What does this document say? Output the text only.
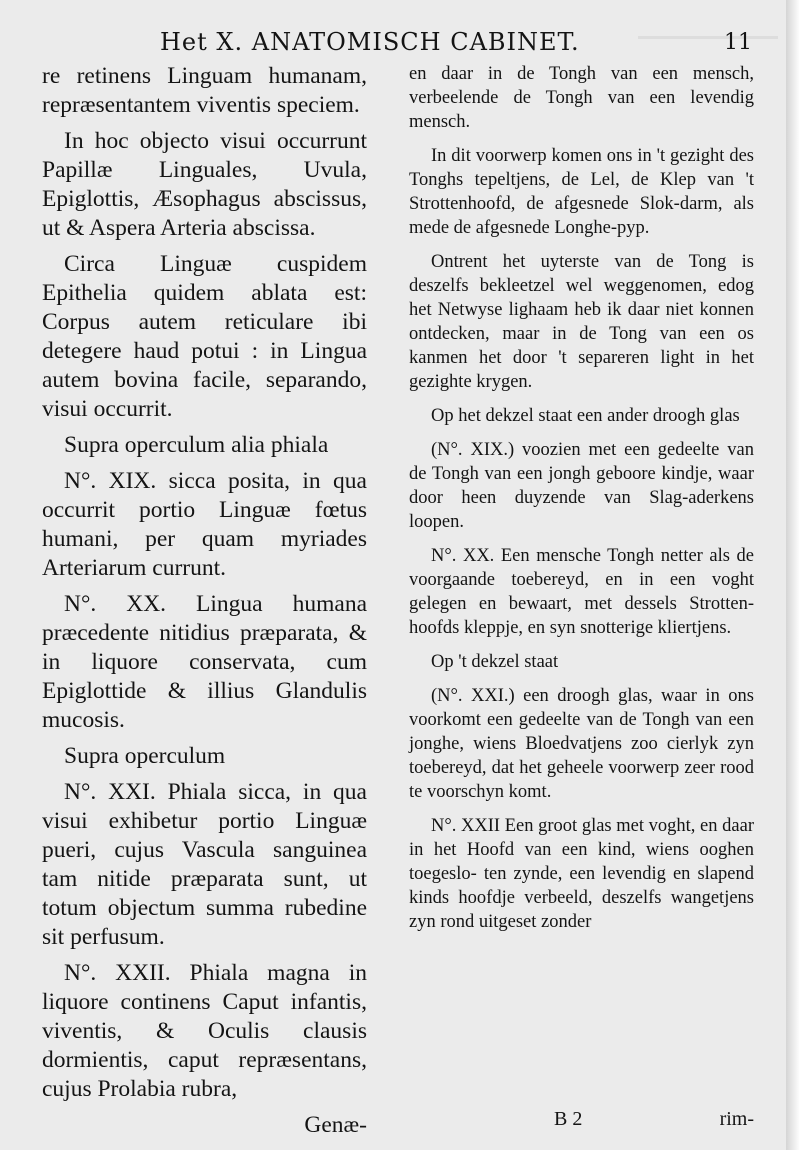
Het X. ANATOMISCH CABINET.	11

re retinens Linguam humanam, repræsentantem viventis speciem.

In hoc objecto visui occurrunt Papillæ Linguales, Uvula, Epiglottis, Æsophagus abscissus, ut & Aspera Arteria abscissa.

Circa Linguæ cuspidem Epithelia quidem ablata est: Corpus autem reticulare ibi detegere haud potui : in Lingua autem bovina facile, separando, visui occurrit.

Supra operculum alia phiala

N°. XIX. sicca posita, in qua occurrit portio Linguæ fœtus humani, per quam myriades Arteriarum currunt.

N°. XX. Lingua humana præcedente nitidius præparata, & in liquore conservata, cum Epiglottide & illius Glandulis mucosis.

Supra operculum

N°. XXI. Phiala sicca, in qua visui exhibetur portio Linguæ pueri, cujus Vascula sanguinea tam nitide præparata sunt, ut totum objectum summa rubedine sit perfusum.

N°. XXII. Phiala magna in liquore continens Caput infantis, viventis, & Oculis clausis dormientis, caput repræsentans, cujus Prolabia rubra,

Genæ-

en daar in de Tongh van een mensch, verbeelende de Tongh van een levendig mensch.

In dit voorwerp komen ons in 't gezight des Tonghs tepeltjens, de Lel, de Klep van 't Strottenhoofd, de afgesnede Slok-darm, als mede de afgesnede Longhe-pyp.

Ontrent het uyterste van de Tong is deszelfs bekleetzel wel weggenomen, edog het Netwyse lighaam heb ik daar niet konnen ontdecken, maar in de Tong van een os kanmen het door 't separeren light in het gezighte krygen.

Op het dekzel staat een ander droogh glas

(N°. XIX.) voozien met een gedeelte van de Tongh van een jongh geboore kindje, waar door heen duyzende van Slag-aderkens loopen.

N°. XX. Een mensche Tongh netter als de voorgaande toebereyd, en in een voght gelegen en bewaart, met dessels Strotten-hoofds kleppje, en syn snotterige kliertjens.

Op 't dekzel staat

(N°. XXI.) een droogh glas, waar in ons voorkomt een gedeelte van de Tongh van een jonghe, wiens Bloedvatjens zoo cierlyk zyn toebereyd, dat het geheele voorwerp zeer rood te voorschyn komt.

N°. XXII Een groot glas met voght, en daar in het Hoofd van een kind, wiens ooghen toegeslo- ten zynde, een levendig en slapend kinds hoofdje verbeeld, deszelfs wangetjens zyn rond uitgeset zonder

B 2	rim-
